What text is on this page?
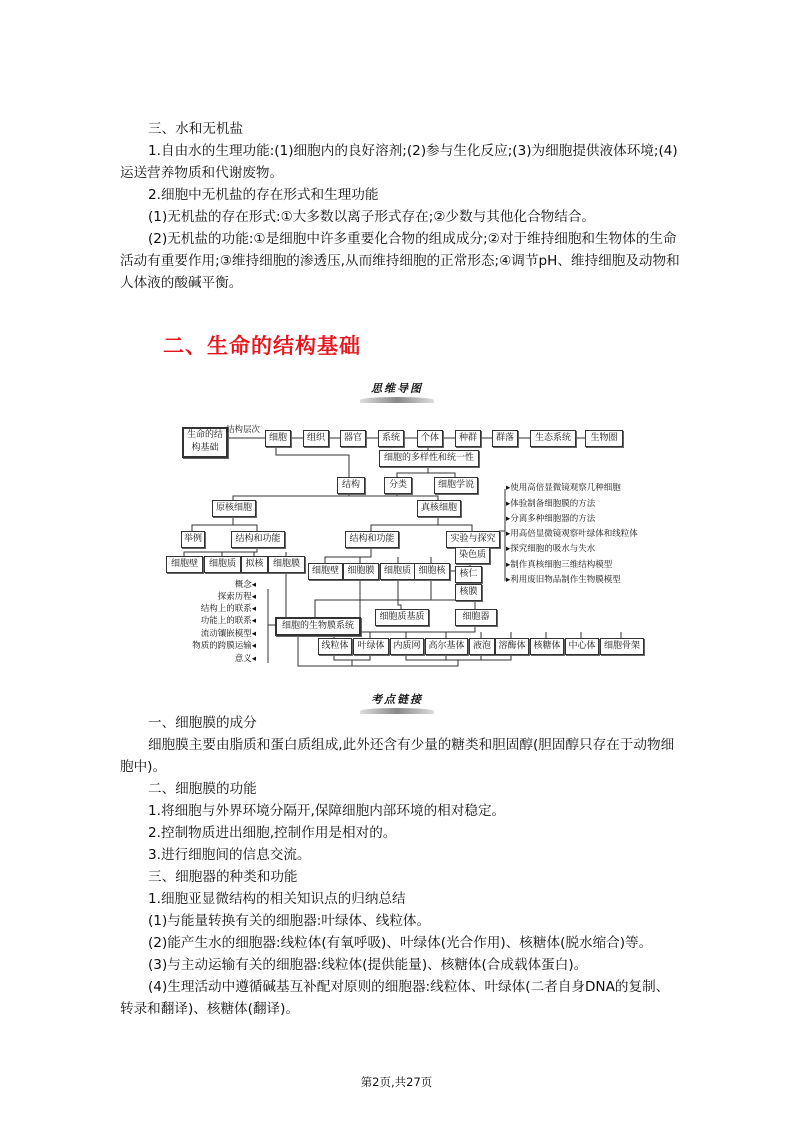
三、水和无机盐

1.自由水的生理功能:(1)细胞内的良好溶剂;(2)参与生化反应;(3)为细胞提供液体环境;(4)运送营养物质和代谢废物。

2.细胞中无机盐的存在形式和生理功能

(1)无机盐的存在形式:①大多数以离子形式存在;②少数与其他化合物结合。

(2)无机盐的功能:①是细胞中许多重要化合物的组成成分;②对于维持细胞和生物体的生命活动有重要作用;③维持细胞的渗透压,从而维持细胞的正常形态;④调节pH、维持细胞及动物和人体液的酸碱平衡。

二、生命的结构基础
思维导图
生命的结构基础
结构层次
细胞	组织	器官	系统	个体	种群	群落	生态系统	生物圈
细胞的多样性和统一性
结构	分类	细胞学说
原核细胞	真核细胞
举例	结构和功能
细胞壁	细胞质	拟核	细胞膜
结构和功能	实验与探究
细胞壁 细胞膜	细胞质 细胞核
染色质
核仁
核膜
细胞的生物膜系统
细胞质基质	细胞器
线粒体 叶绿体 内质网 高尔基体 液泡 溶酶体 核糖体 中心体 细胞骨架
概念◂
探索历程◂
结构上的联系◂
功能上的联系◂
流动镶嵌模型◂
物质的跨膜运输◂
意义◂
▸使用高倍显微镜观察几种细胞
▸体验制备细胞膜的方法
▸分离多种细胞器的方法
▸用高倍显微镜观察叶绿体和线粒体
▸探究细胞的吸水与失水
▸制作真核细胞三维结构模型
▸利用废旧物品制作生物膜模型
考点链接

一、细胞膜的成分

细胞膜主要由脂质和蛋白质组成,此外还含有少量的糖类和胆固醇(胆固醇只存在于动物细胞中)。

二、细胞膜的功能

1.将细胞与外界环境分隔开,保障细胞内部环境的相对稳定。

2.控制物质进出细胞,控制作用是相对的。

3.进行细胞间的信息交流。

三、细胞器的种类和功能

1.细胞亚显微结构的相关知识点的归纳总结

(1)与能量转换有关的细胞器:叶绿体、线粒体。

(2)能产生水的细胞器:线粒体(有氧呼吸)、叶绿体(光合作用)、核糖体(脱水缩合)等。

(3)与主动运输有关的细胞器:线粒体(提供能量)、核糖体(合成载体蛋白)。

(4)生理活动中遵循碱基互补配对原则的细胞器:线粒体、叶绿体(二者自身DNA的复制、转录和翻译)、核糖体(翻译)。

第2页,共27页
